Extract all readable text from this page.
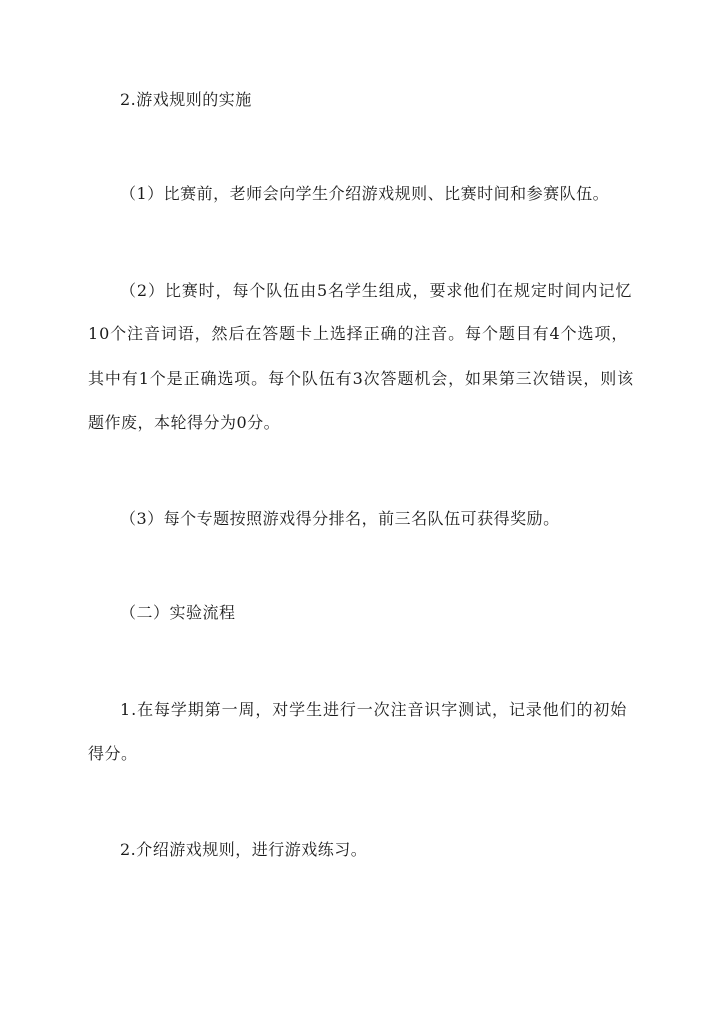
2.游戏规则的实施
（1）比赛前，老师会向学生介绍游戏规则、比赛时间和参赛队伍。
（2）比赛时，每个队伍由5名学生组成，要求他们在规定时间内记忆
10个注音词语，然后在答题卡上选择正确的注音。每个题目有4个选项，
其中有1个是正确选项。每个队伍有3次答题机会，如果第三次错误，则该
题作废，本轮得分为0分。
（3）每个专题按照游戏得分排名，前三名队伍可获得奖励。
（二）实验流程
1.在每学期第一周，对学生进行一次注音识字测试，记录他们的初始
得分。
2.介绍游戏规则，进行游戏练习。
